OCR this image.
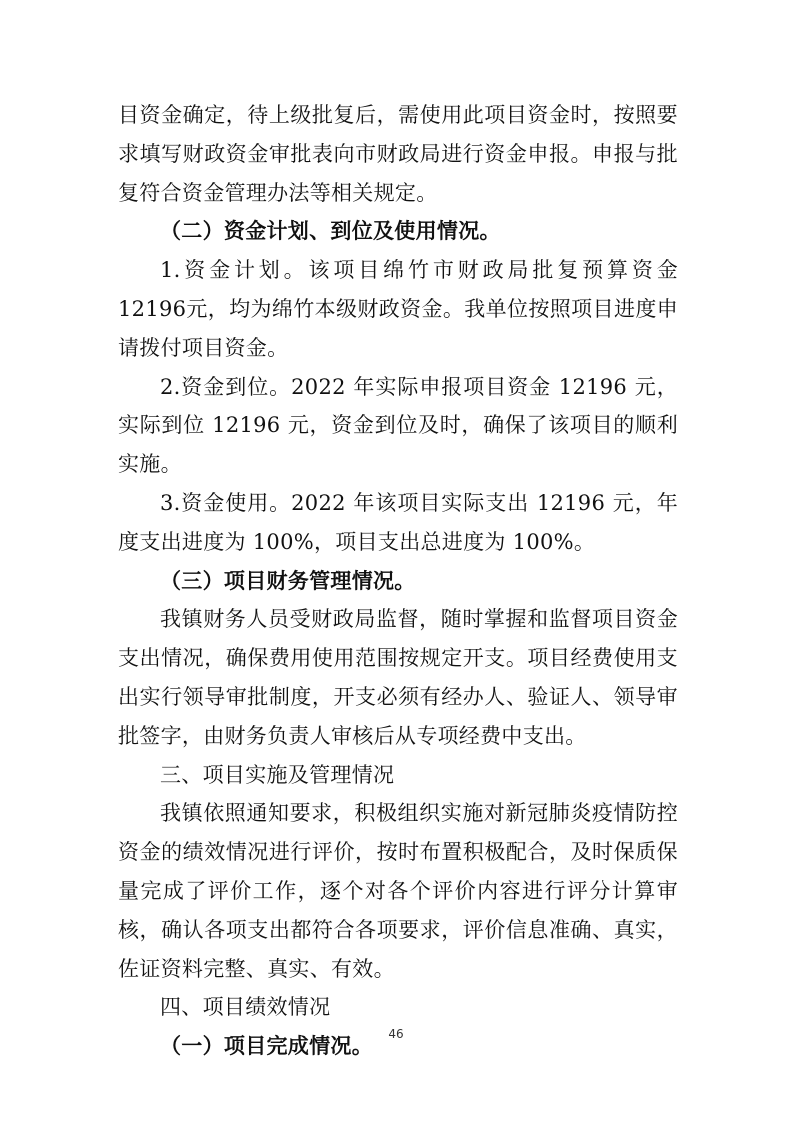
目资金确定，待上级批复后，需使用此项目资金时，按照要求填写财政资金审批表向市财政局进行资金申报。申报与批复符合资金管理办法等相关规定。

（二）资金计划、到位及使用情况。

1.资金计划。该项目绵竹市财政局批复预算资金 12196元，均为绵竹本级财政资金。我单位按照项目进度申请拨付项目资金。

2.资金到位。2022 年实际申报项目资金 12196 元，实际到位 12196 元，资金到位及时，确保了该项目的顺利实施。

3.资金使用。2022 年该项目实际支出 12196 元，年度支出进度为 100%，项目支出总进度为 100%。

（三）项目财务管理情况。

我镇财务人员受财政局监督，随时掌握和监督项目资金支出情况，确保费用使用范围按规定开支。项目经费使用支出实行领导审批制度，开支必须有经办人、验证人、领导审批签字，由财务负责人审核后从专项经费中支出。

三、项目实施及管理情况

我镇依照通知要求，积极组织实施对新冠肺炎疫情防控资金的绩效情况进行评价，按时布置积极配合，及时保质保量完成了评价工作，逐个对各个评价内容进行评分计算审核，确认各项支出都符合各项要求，评价信息准确、真实，佐证资料完整、真实、有效。

四、项目绩效情况

（一）项目完成情况。	46
